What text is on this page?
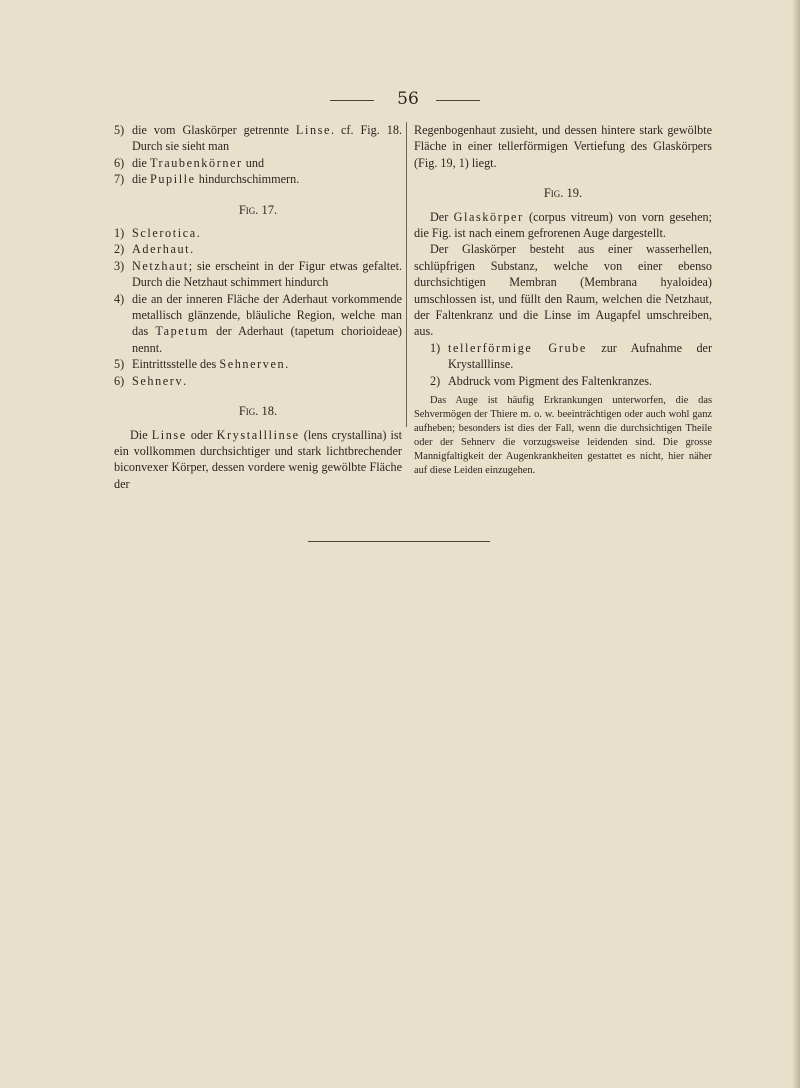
56

5) die vom Glaskörper getrennte Linse. cf. Fig. 18. Durch sie sieht man

6) die Traubenkörner und

7) die Pupille hindurchschimmern.

Fig. 17.

1) Sclerotica.

2) Aderhaut.

3) Netzhaut; sie erscheint in der Figur etwas gefaltet. Durch die Netzhaut schimmert hindurch

4) die an der inneren Fläche der Aderhaut vorkommende metallisch glänzende, bläuliche Region, welche man das Tapetum der Aderhaut (tapetum chorioideae) nennt.

5) Eintrittsstelle des Sehnerven.

6) Sehnerv.

Fig. 18.

Die Linse oder Krystalllinse (lens crystallina) ist ein vollkommen durchsichtiger und stark lichtbrechender biconvexer Körper, dessen vordere wenig gewölbte Fläche der

Regenbogenhaut zusieht, und dessen hintere stark gewölbte Fläche in einer tellerförmigen Vertiefung des Glaskörpers (Fig. 19, 1) liegt.

Fig. 19.

Der Glaskörper (corpus vitreum) von vorn gesehen; die Fig. ist nach einem gefrorenen Auge dargestellt.

Der Glaskörper besteht aus einer wasserhellen, schlüpfrigen Substanz, welche von einer ebenso durchsichtigen Membran (Membrana hyaloidea) umschlossen ist, und füllt den Raum, welchen die Netzhaut, der Faltenkranz und die Linse im Augapfel umschreiben, aus.

1) tellerförmige Grube zur Aufnahme der Krystalllinse.

2) Abdruck vom Pigment des Faltenkranzes.

Das Auge ist häufig Erkrankungen unterworfen, die das Sehvermögen der Thiere m. o. w. beeinträchtigen oder auch wohl ganz aufheben; besonders ist dies der Fall, wenn die durchsichtigen Theile oder der Sehnerv die vorzugsweise leidenden sind. Die grosse Mannigfaltigkeit der Augenkrankheiten gestattet es nicht, hier näher auf diese Leiden einzugehen.
